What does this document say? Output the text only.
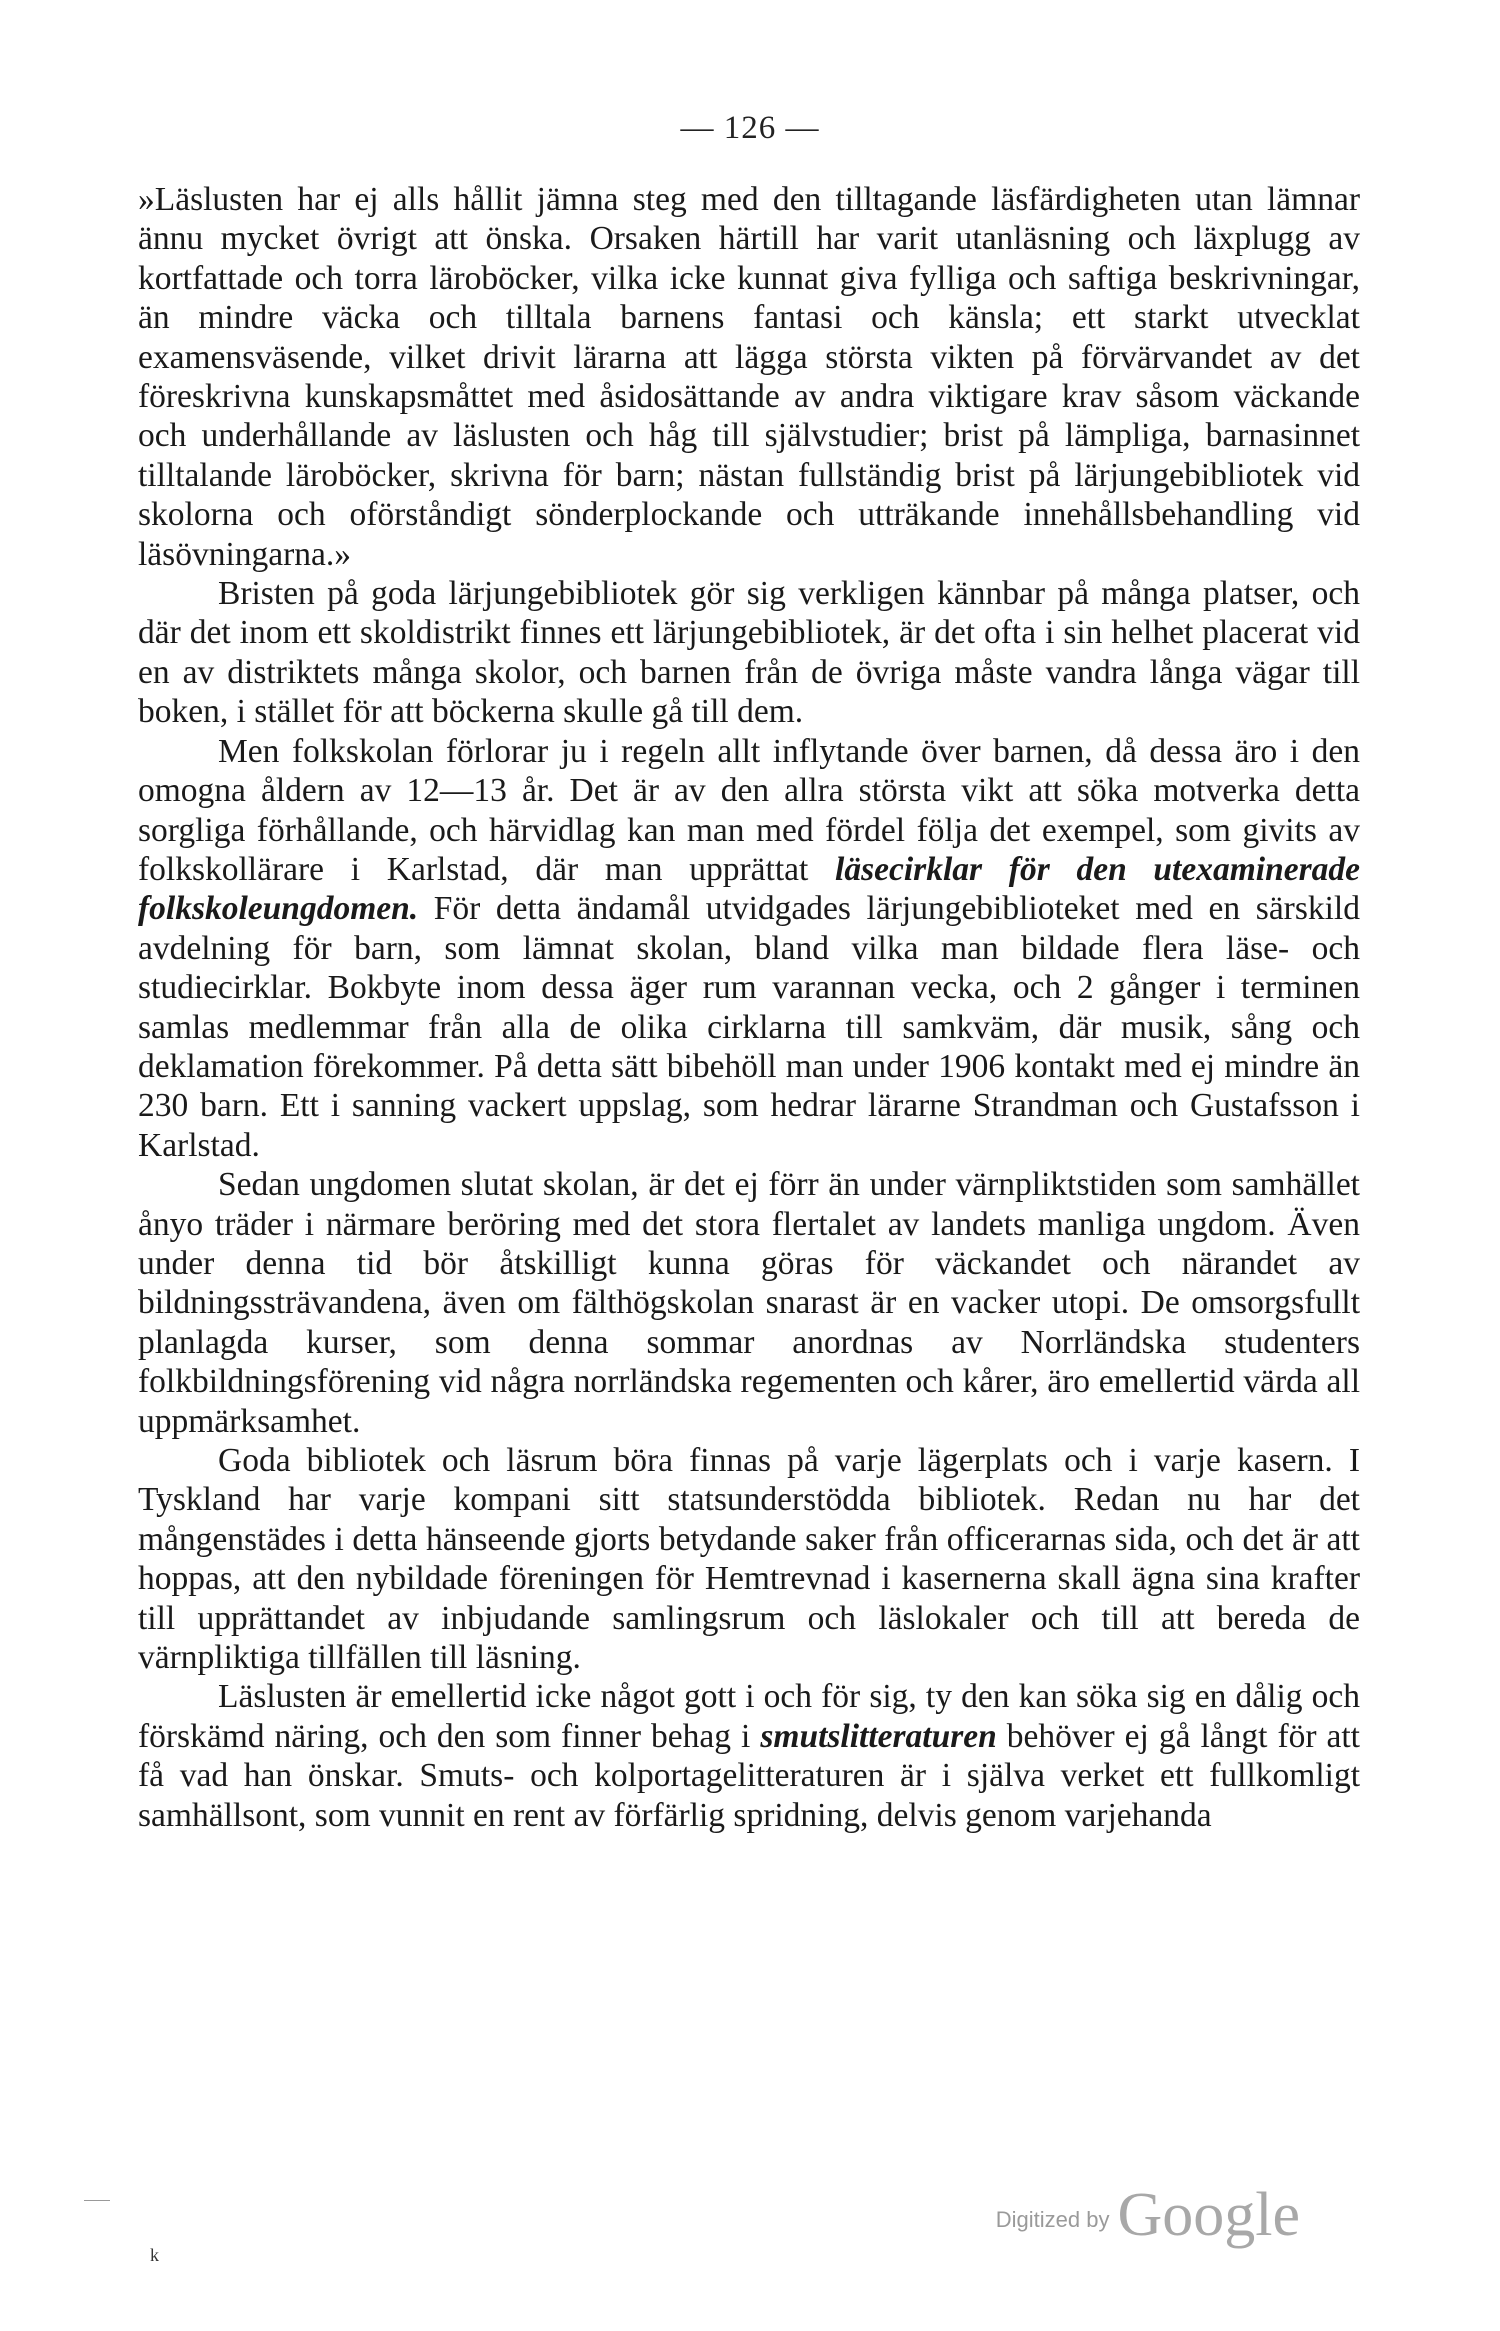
— 126 —

»Läslusten har ej alls hållit jämna steg med den tilltagande läsfärdigheten utan lämnar ännu mycket övrigt att önska. Orsaken härtill har varit utanläsning och läxplugg av kortfattade och torra läroböcker, vilka icke kunnat giva fylliga och saftiga beskrivningar, än mindre väcka och tilltala barnens fantasi och känsla; ett starkt utvecklat examensväsende, vilket drivit lärarna att lägga största vikten på förvärvandet av det föreskrivna kunskapsmåttet med åsidosättande av andra viktigare krav såsom väckande och underhållande av läslusten och håg till självstudier; brist på lämpliga, barnasinnet tilltalande läroböcker, skrivna för barn; nästan fullständig brist på lärjungebibliotek vid skolorna och oförståndigt sönderplockande och utträkande innehållsbehandling vid läsövningarna.»

Bristen på goda lärjungebibliotek gör sig verkligen kännbar på många platser, och där det inom ett skoldistrikt finnes ett lärjungebibliotek, är det ofta i sin helhet placerat vid en av distriktets många skolor, och barnen från de övriga måste vandra långa vägar till boken, i stället för att böckerna skulle gå till dem.

Men folkskolan förlorar ju i regeln allt inflytande över barnen, då dessa äro i den omogna åldern av 12—13 år. Det är av den allra största vikt att söka motverka detta sorgliga förhållande, och härvidlag kan man med fördel följa det exempel, som givits av folkskollärare i Karlstad, där man upprättat läsecirklar för den utexaminerade folkskoleungdomen. För detta ändamål utvidgades lärjungebiblioteket med en särskild avdelning för barn, som lämnat skolan, bland vilka man bildade flera läse- och studiecirklar. Bokbyte inom dessa äger rum varannan vecka, och 2 gånger i terminen samlas medlemmar från alla de olika cirklarna till samkväm, där musik, sång och deklamation förekommer. På detta sätt bibehöll man under 1906 kontakt med ej mindre än 230 barn. Ett i sanning vackert uppslag, som hedrar lärarne Strandman och Gustafsson i Karlstad.

Sedan ungdomen slutat skolan, är det ej förr än under värnpliktstiden som samhället ånyo träder i närmare beröring med det stora flertalet av landets manliga ungdom. Även under denna tid bör åtskilligt kunna göras för väckandet och närandet av bildningssträvandena, även om fälthögskolan snarast är en vacker utopi. De omsorgsfullt planlagda kurser, som denna sommar anordnas av Norrländska studenters folkbildningsförening vid några norrländska regementen och kårer, äro emellertid värda all uppmärksamhet.

Goda bibliotek och läsrum böra finnas på varje lägerplats och i varje kasern. I Tyskland har varje kompani sitt statsunderstödda bibliotek. Redan nu har det mångenstädes i detta hänseende gjorts betydande saker från officerarnas sida, och det är att hoppas, att den nybildade föreningen för Hemtrevnad i kasernerna skall ägna sina krafter till upprättandet av inbjudande samlingsrum och läslokaler och till att bereda de värnpliktiga tillfällen till läsning.

Läslusten är emellertid icke något gott i och för sig, ty den kan söka sig en dålig och förskämd näring, och den som finner behag i smutslitteraturen behöver ej gå långt för att få vad han önskar. Smuts- och kolportagelitteraturen är i själva verket ett fullkomligt samhällsont, som vunnit en rent av förfärlig spridning, delvis genom varjehanda

k
Digitized by Google
